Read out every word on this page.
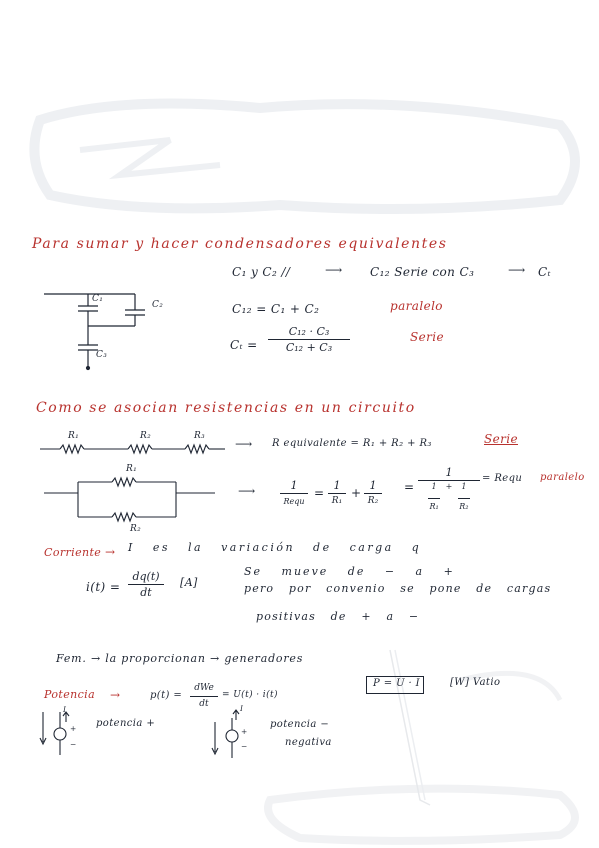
Para sumar y hacer condensadores equivalentes
C₁ y C₂ //	⟶ C₁₂ Serie con C₃	⟶ Cₜ
C₁₂ = C₁ + C₂	paralelo
Cₜ =
C₁₂ · C₃
C₁₂ + C₃
Serie
C₁
C₂
C₃
Como se asocian resistencias en un circuito
R₁	R₂	R₃
⟶ R equivalente = R₁ + R₂ + R₃	Serie
R₁
R₂
⟶	1
Requ
=
1
R₁
+
1
R₂
=
1
$\frac{1}{\text{R₁}} + \frac{1}{\text{R₂}}$
= Requ paralelo
Corriente → I es la variación de carga q
i(t) =
dq(t)
dt
[A]
Se mueve de − a +
pero por convenio se pone de cargas
positivas de + a −
Fem. → la proporcionan → generadores
Potencia →	p(t) =
dWe
dt
= U(t) · i(t)
P = U · I	[W] Vatio
I
+
−
potencia +
I
+
−
potencia −
negativa
